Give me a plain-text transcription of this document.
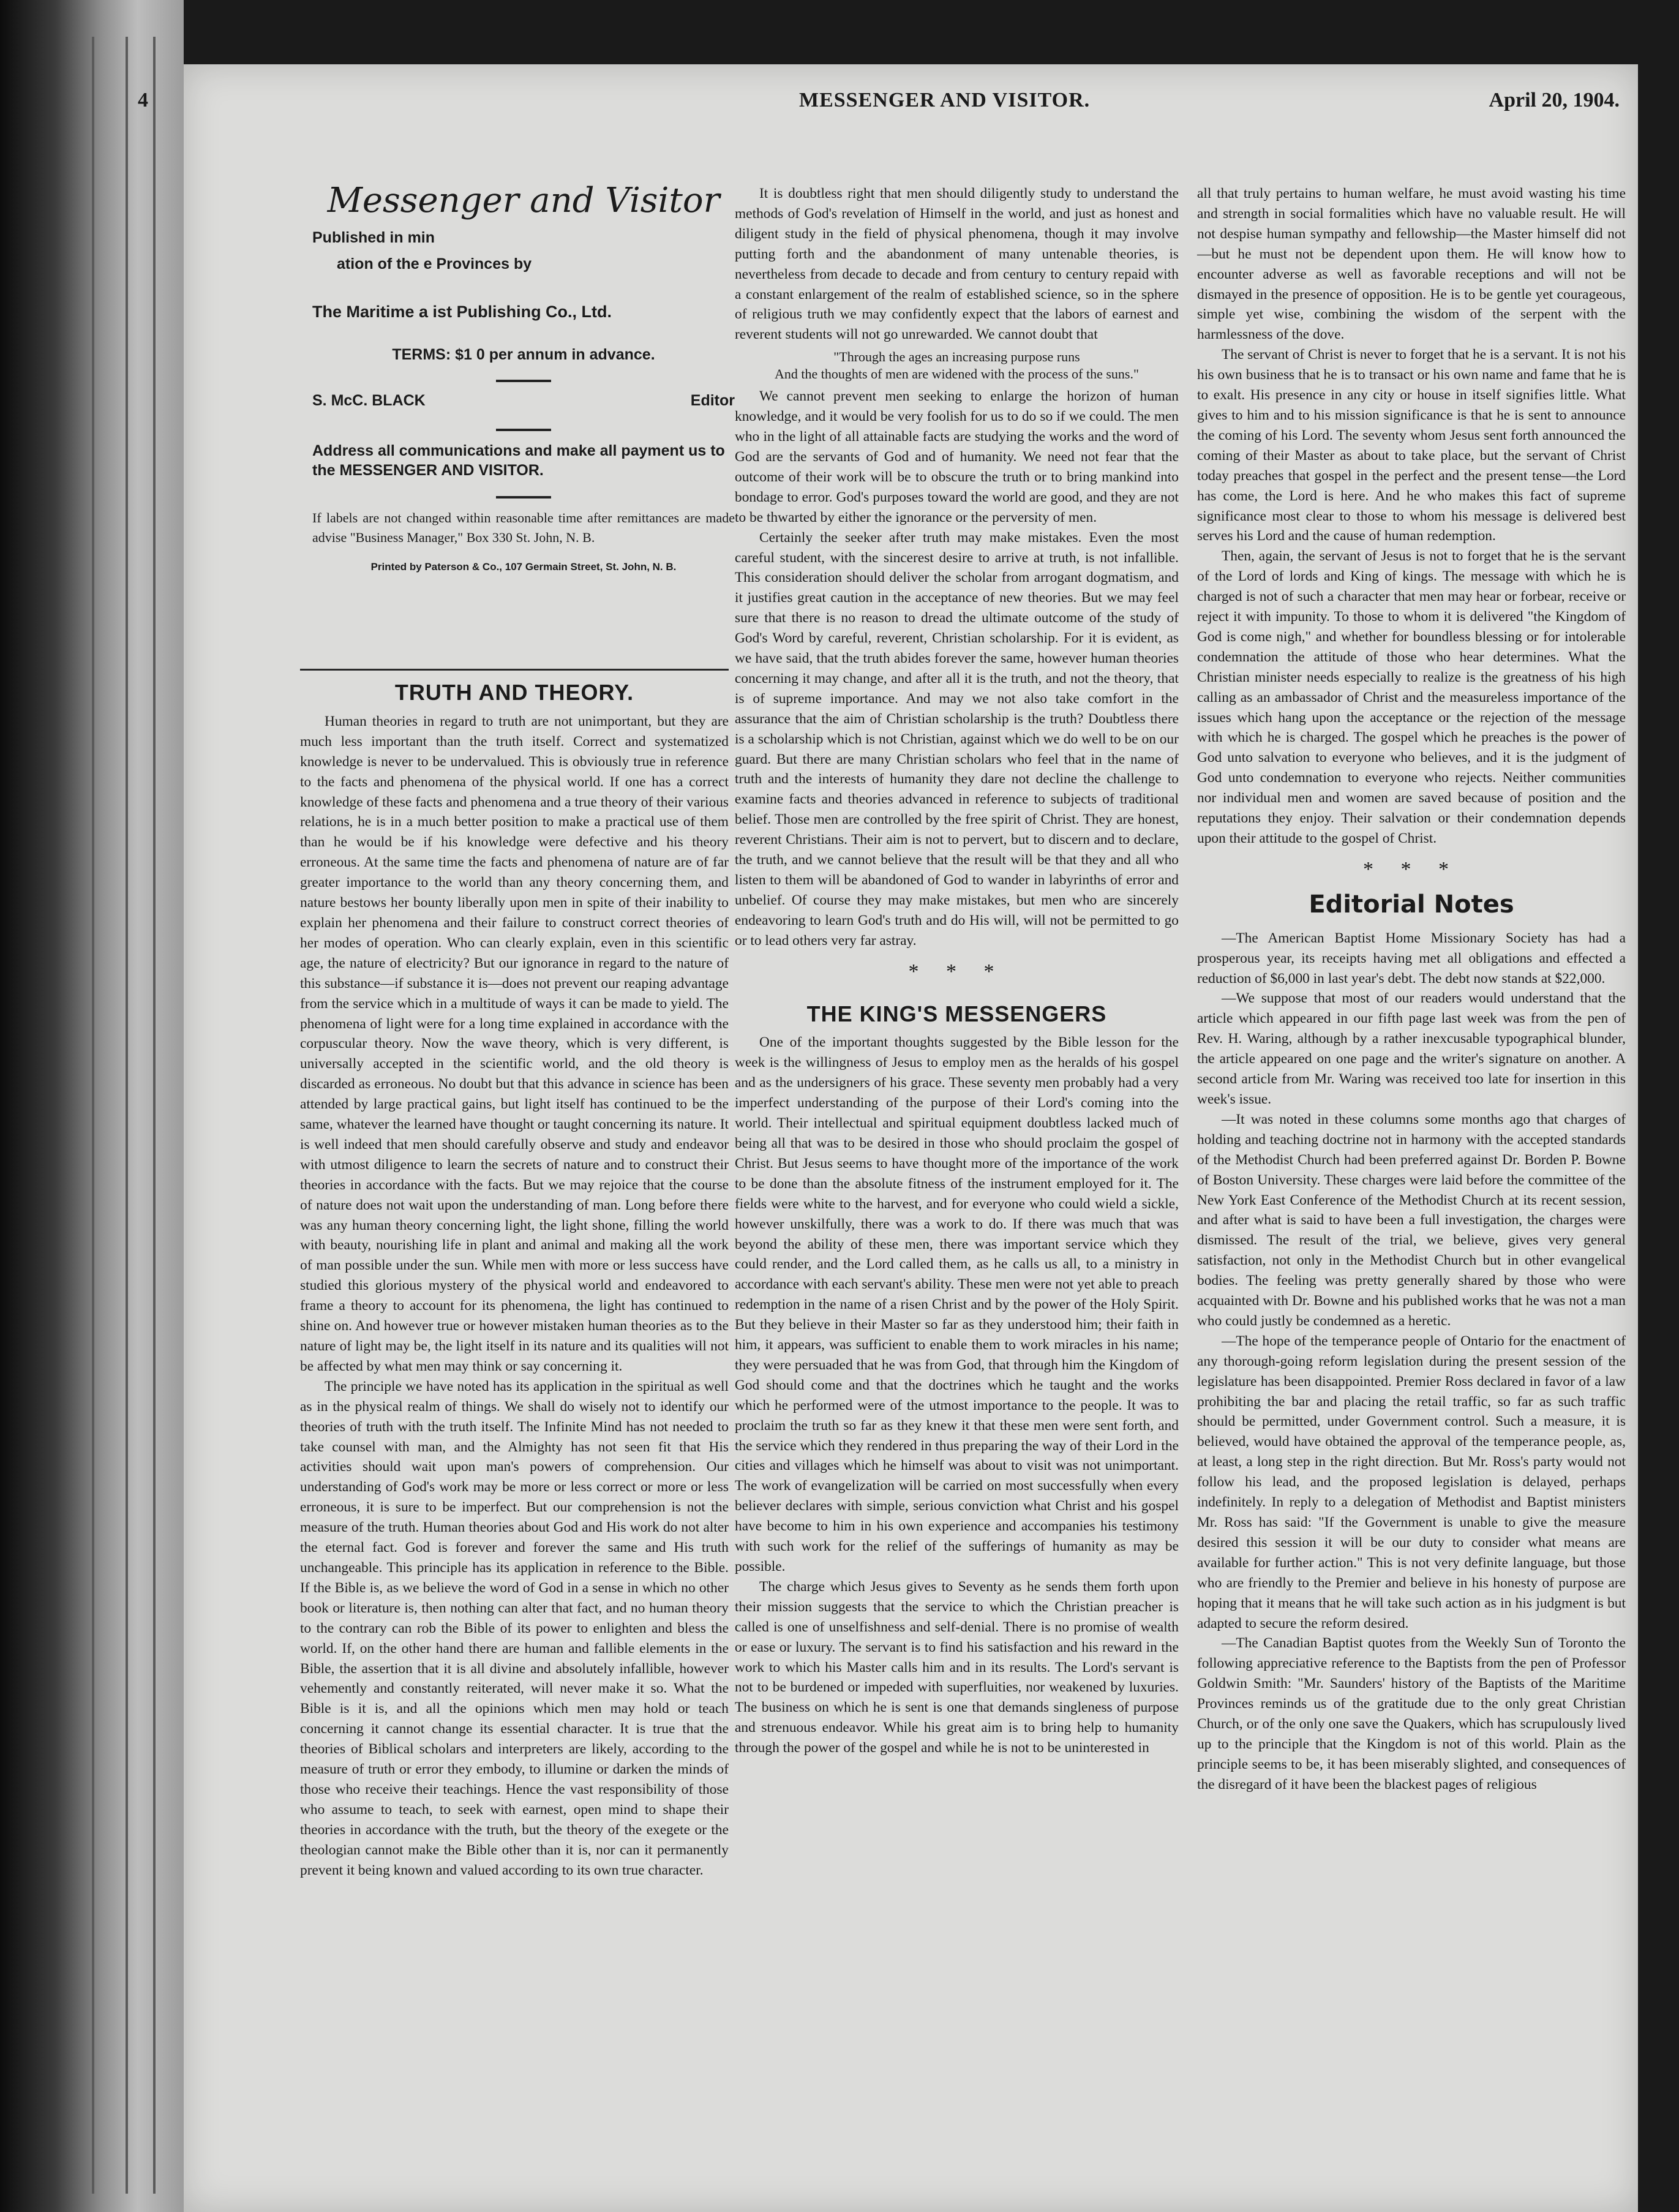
4	MESSENGER AND VISITOR.	April 20, 1904.
Messenger and Visitor
Published in min
ation of the e Provinces by
The Maritime a ist Publishing Co., Ltd.
TERMS: $1 0 per annum in advance.
S. McC. BLACK	Editor
Address all communications and make all payment us to the MESSENGER AND VISITOR.
If labels are not changed within reasonable time after remittances are made advise "Business Manager," Box 330 St. John, N. B.
Printed by Paterson & Co., 107 Germain Street, St. John, N. B.
TRUTH AND THEORY.

Human theories in regard to truth are not unimportant, but they are much less important than the truth itself. Correct and systematized knowledge is never to be undervalued. This is obviously true in reference to the facts and phenomena of the physical world. If one has a correct knowledge of these facts and phenomena and a true theory of their various relations, he is in a much better position to make a practical use of them than he would be if his knowledge were defective and his theory erroneous. At the same time the facts and phenomena of nature are of far greater importance to the world than any theory concerning them, and nature bestows her bounty liberally upon men in spite of their inability to explain her phenomena and their failure to construct correct theories of her modes of operation. Who can clearly explain, even in this scientific age, the nature of electricity? But our ignorance in regard to the nature of this substance—if substance it is—does not prevent our reaping advantage from the service which in a multitude of ways it can be made to yield. The phenomena of light were for a long time explained in accordance with the corpuscular theory. Now the wave theory, which is very different, is universally accepted in the scientific world, and the old theory is discarded as erroneous. No doubt but that this advance in science has been attended by large practical gains, but light itself has continued to be the same, whatever the learned have thought or taught concerning its nature. It is well indeed that men should carefully observe and study and endeavor with utmost diligence to learn the secrets of nature and to construct their theories in accordance with the facts. But we may rejoice that the course of nature does not wait upon the understanding of man. Long before there was any human theory concerning light, the light shone, filling the world with beauty, nourishing life in plant and animal and making all the work of man possible under the sun. While men with more or less success have studied this glorious mystery of the physical world and endeavored to frame a theory to account for its phenomena, the light has continued to shine on. And however true or however mistaken human theories as to the nature of light may be, the light itself in its nature and its qualities will not be affected by what men may think or say concerning it.

The principle we have noted has its application in the spiritual as well as in the physical realm of things. We shall do wisely not to identify our theories of truth with the truth itself. The Infinite Mind has not needed to take counsel with man, and the Almighty has not seen fit that His activities should wait upon man's powers of comprehension. Our understanding of God's work may be more or less correct or more or less erroneous, it is sure to be imperfect. But our comprehension is not the measure of the truth. Human theories about God and His work do not alter the eternal fact. God is forever and forever the same and His truth unchangeable. This principle has its application in reference to the Bible. If the Bible is, as we believe the word of God in a sense in which no other book or literature is, then nothing can alter that fact, and no human theory to the contrary can rob the Bible of its power to enlighten and bless the world. If, on the other hand there are human and fallible elements in the Bible, the assertion that it is all divine and absolutely infallible, however vehemently and constantly reiterated, will never make it so. What the Bible is it is, and all the opinions which men may hold or teach concerning it cannot change its essential character. It is true that the theories of Biblical scholars and interpreters are likely, according to the measure of truth or error they embody, to illumine or darken the minds of those who receive their teachings. Hence the vast responsibility of those who assume to teach, to seek with earnest, open mind to shape their theories in accordance with the truth, but the theory of the exegete or the theologian cannot make the Bible other than it is, nor can it permanently prevent it being known and valued according to its own true character.

It is doubtless right that men should diligently study to understand the methods of God's revelation of Himself in the world, and just as honest and diligent study in the field of physical phenomena, though it may involve putting forth and the abandonment of many untenable theories, is nevertheless from decade to decade and from century to century repaid with a constant enlargement of the realm of established science, so in the sphere of religious truth we may confidently expect that the labors of earnest and reverent students will not go unrewarded. We cannot doubt that

"Through the ages an increasing purpose runs
And the thoughts of men are widened with the process of the suns."

We cannot prevent men seeking to enlarge the horizon of human knowledge, and it would be very foolish for us to do so if we could. The men who in the light of all attainable facts are studying the works and the word of God are the servants of God and of humanity. We need not fear that the outcome of their work will be to obscure the truth or to bring mankind into bondage to error. God's purposes toward the world are good, and they are not to be thwarted by either the ignorance or the perversity of men.

Certainly the seeker after truth may make mistakes. Even the most careful student, with the sincerest desire to arrive at truth, is not infallible. This consideration should deliver the scholar from arrogant dogmatism, and it justifies great caution in the acceptance of new theories. But we may feel sure that there is no reason to dread the ultimate outcome of the study of God's Word by careful, reverent, Christian scholarship. For it is evident, as we have said, that the truth abides forever the same, however human theories concerning it may change, and after all it is the truth, and not the theory, that is of supreme importance. And may we not also take comfort in the assurance that the aim of Christian scholarship is the truth? Doubtless there is a scholarship which is not Christian, against which we do well to be on our guard. But there are many Christian scholars who feel that in the name of truth and the interests of humanity they dare not decline the challenge to examine facts and theories advanced in reference to subjects of traditional belief. Those men are controlled by the free spirit of Christ. They are honest, reverent Christians. Their aim is not to pervert, but to discern and to declare, the truth, and we cannot believe that the result will be that they and all who listen to them will be abandoned of God to wander in labyrinths of error and unbelief. Of course they may make mistakes, but men who are sincerely endeavoring to learn God's truth and do His will, will not be permitted to go or to lead others very far astray.

* * *
THE KING'S MESSENGERS

One of the important thoughts suggested by the Bible lesson for the week is the willingness of Jesus to employ men as the heralds of his gospel and as the undersigners of his grace. These seventy men probably had a very imperfect understanding of the purpose of their Lord's coming into the world. Their intellectual and spiritual equipment doubtless lacked much of being all that was to be desired in those who should proclaim the gospel of Christ. But Jesus seems to have thought more of the importance of the work to be done than the absolute fitness of the instrument employed for it. The fields were white to the harvest, and for everyone who could wield a sickle, however unskilfully, there was a work to do. If there was much that was beyond the ability of these men, there was important service which they could render, and the Lord called them, as he calls us all, to a ministry in accordance with each servant's ability. These men were not yet able to preach redemption in the name of a risen Christ and by the power of the Holy Spirit. But they believe in their Master so far as they understood him; their faith in him, it appears, was sufficient to enable them to work miracles in his name; they were persuaded that he was from God, that through him the Kingdom of God should come and that the doctrines which he taught and the works which he performed were of the utmost importance to the people. It was to proclaim the truth so far as they knew it that these men were sent forth, and the service which they rendered in thus preparing the way of their Lord in the cities and villages which he himself was about to visit was not unimportant. The work of evangelization will be carried on most successfully when every believer declares with simple, serious conviction what Christ and his gospel have become to him in his own experience and accompanies his testimony with such work for the relief of the sufferings of humanity as may be possible.

The charge which Jesus gives to Seventy as he sends them forth upon their mission suggests that the service to which the Christian preacher is called is one of unselfishness and self-denial. There is no promise of wealth or ease or luxury. The servant is to find his satisfaction and his reward in the work to which his Master calls him and in its results. The Lord's servant is not to be burdened or impeded with superfluities, nor weakened by luxuries. The business on which he is sent is one that demands singleness of purpose and strenuous endeavor. While his great aim is to bring help to humanity through the power of the gospel and while he is not to be uninterested in

all that truly pertains to human welfare, he must avoid wasting his time and strength in social formalities which have no valuable result. He will not despise human sympathy and fellowship—the Master himself did not—but he must not be dependent upon them. He will know how to encounter adverse as well as favorable receptions and will not be dismayed in the presence of opposition. He is to be gentle yet courageous, simple yet wise, combining the wisdom of the serpent with the harmlessness of the dove.

The servant of Christ is never to forget that he is a servant. It is not his his own business that he is to transact or his own name and fame that he is to exalt. His presence in any city or house in itself signifies little. What gives to him and to his mission significance is that he is sent to announce the coming of his Lord. The seventy whom Jesus sent forth announced the coming of their Master as about to take place, but the servant of Christ today preaches that gospel in the perfect and the present tense—the Lord has come, the Lord is here. And he who makes this fact of supreme significance most clear to those to whom his message is delivered best serves his Lord and the cause of human redemption.

Then, again, the servant of Jesus is not to forget that he is the servant of the Lord of lords and King of kings. The message with which he is charged is not of such a character that men may hear or forbear, receive or reject it with impunity. To those to whom it is delivered "the Kingdom of God is come nigh," and whether for boundless blessing or for intolerable condemnation the attitude of those who hear determines. What the Christian minister needs especially to realize is the greatness of his high calling as an ambassador of Christ and the measureless importance of the issues which hang upon the acceptance or the rejection of the message with which he is charged. The gospel which he preaches is the power of God unto salvation to everyone who believes, and it is the judgment of God unto condemnation to everyone who rejects. Neither communities nor individual men and women are saved because of position and the reputations they enjoy. Their salvation or their condemnation depends upon their attitude to the gospel of Christ.

* * *
Editorial Notes

—The American Baptist Home Missionary Society has had a prosperous year, its receipts having met all obligations and effected a reduction of $6,000 in last year's debt. The debt now stands at $22,000.

—We suppose that most of our readers would understand that the article which appeared in our fifth page last week was from the pen of Rev. H. Waring, although by a rather inexcusable typographical blunder, the article appeared on one page and the writer's signature on another. A second article from Mr. Waring was received too late for insertion in this week's issue.

—It was noted in these columns some months ago that charges of holding and teaching doctrine not in harmony with the accepted standards of the Methodist Church had been preferred against Dr. Borden P. Bowne of Boston University. These charges were laid before the committee of the New York East Conference of the Methodist Church at its recent session, and after what is said to have been a full investigation, the charges were dismissed. The result of the trial, we believe, gives very general satisfaction, not only in the Methodist Church but in other evangelical bodies. The feeling was pretty generally shared by those who were acquainted with Dr. Bowne and his published works that he was not a man who could justly be condemned as a heretic.

—The hope of the temperance people of Ontario for the enactment of any thorough-going reform legislation during the present session of the legislature has been disappointed. Premier Ross declared in favor of a law prohibiting the bar and placing the retail traffic, so far as such traffic should be permitted, under Government control. Such a measure, it is believed, would have obtained the approval of the temperance people, as, at least, a long step in the right direction. But Mr. Ross's party would not follow his lead, and the proposed legislation is delayed, perhaps indefinitely. In reply to a delegation of Methodist and Baptist ministers Mr. Ross has said: "If the Government is unable to give the measure desired this session it will be our duty to consider what means are available for further action." This is not very definite language, but those who are friendly to the Premier and believe in his honesty of purpose are hoping that it means that he will take such action as in his judgment is but adapted to secure the reform desired.

—The Canadian Baptist quotes from the Weekly Sun of Toronto the following appreciative reference to the Baptists from the pen of Professor Goldwin Smith: "Mr. Saunders' history of the Baptists of the Maritime Provinces reminds us of the gratitude due to the only great Christian Church, or of the only one save the Quakers, which has scrupulously lived up to the principle that the Kingdom is not of this world. Plain as the principle seems to be, it has been miserably slighted, and consequences of the disregard of it have been the blackest pages of religious
